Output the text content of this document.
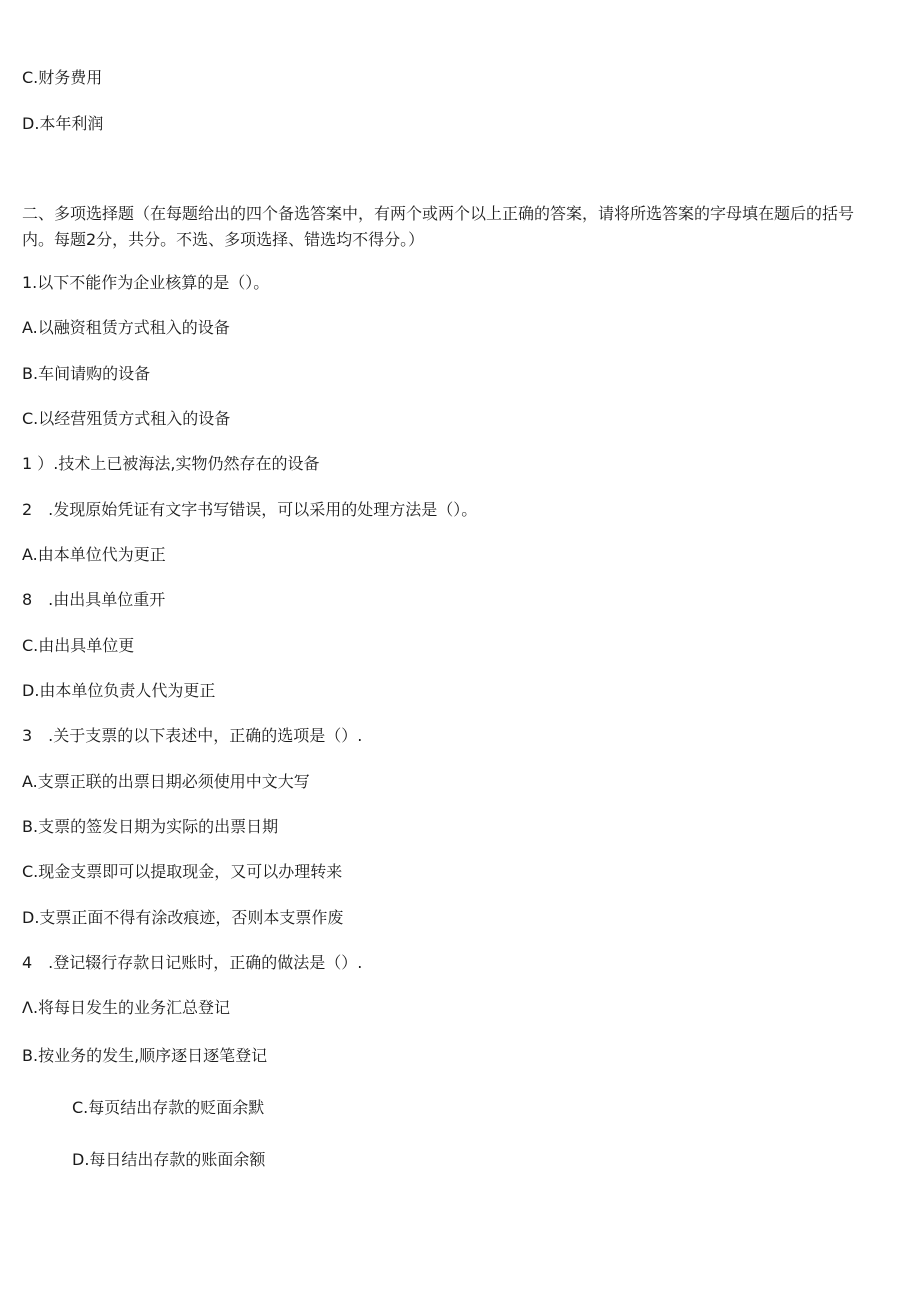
C.财务费用
D.本年利润
二、多项选择题（在每题给出的四个备选答案中，有两个或两个以上正确的答案，请将所选答案的字母填在题后的括号内。每题2分，共分。不选、多项选择、错选均不得分。）
1.以下不能作为企业核算的是（）。
A.以融资租赁方式租入的设备
B.车间请购的设备
C.以经营殂赁方式租入的设备
1 ）.技术上已被海法,实物仍然存在的设备
2　.发现原始凭证有文字书写错误，可以采用的处理方法是（）。
A.由本单位代为更正
8　.由出具单位重开
C.由出具单位更
D.由本单位负责人代为更正
3　.关于支票的以下表述中，正确的选项是（）.
A.支票正联的出票日期必须使用中文大写
B.支票的签发日期为实际的出票日期
C.现金支票即可以提取现金，又可以办理转来
D.支票正面不得有涂改痕迹，否则本支票作废
4　.登记辍行存款日记账时，正确的做法是（）.
Λ.将每日发生的业务汇总登记
B.按业务的发生,顺序逐日逐笔登记
C.每页结出存款的贬面余默
D.每日结出存款的账面余额
